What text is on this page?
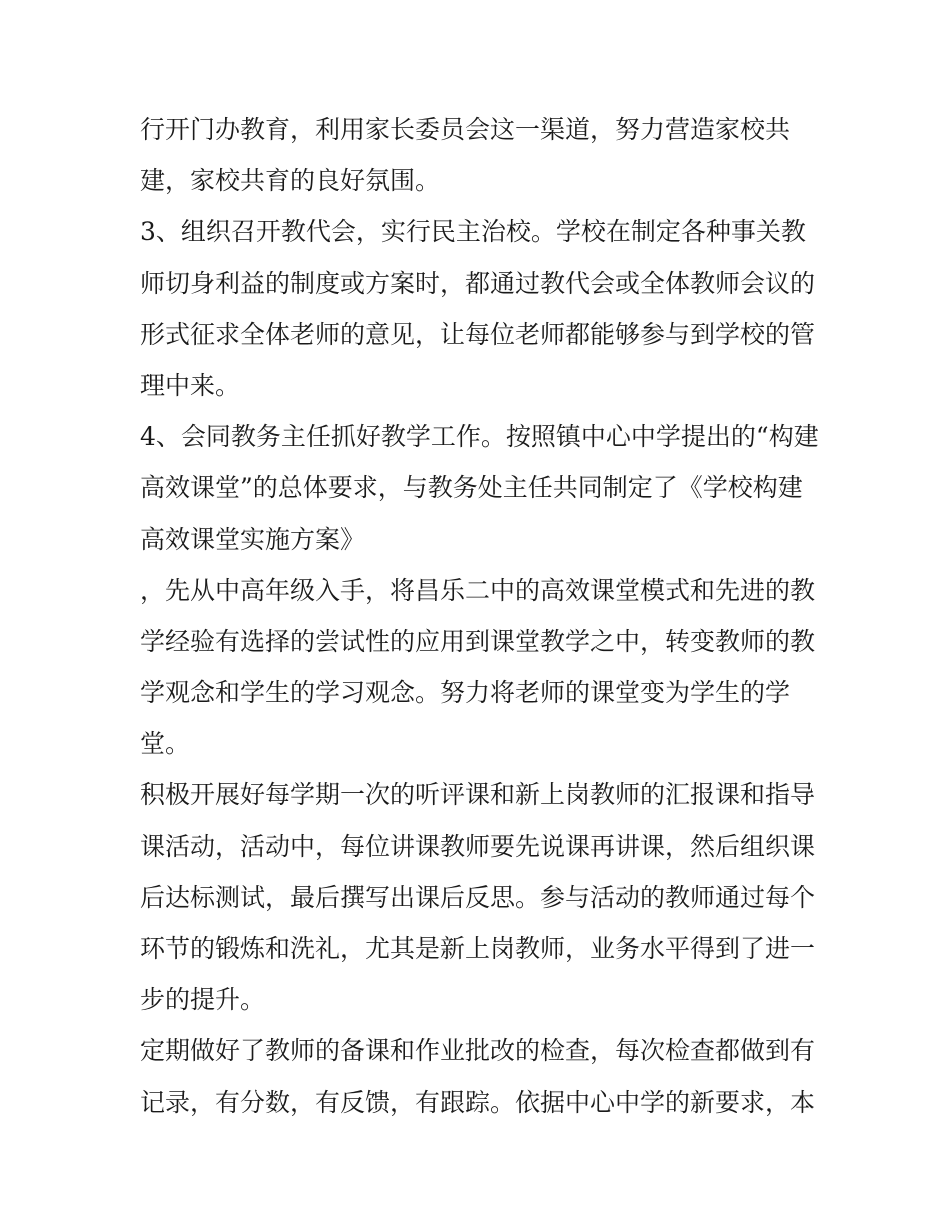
行开门办教育，利用家长委员会这一渠道，努力营造家校共
建，家校共育的良好氛围。
3、组织召开教代会，实行民主治校。学校在制定各种事关教
师切身利益的制度或方案时，都通过教代会或全体教师会议的
形式征求全体老师的意见，让每位老师都能够参与到学校的管
理中来。
4、会同教务主任抓好教学工作。按照镇中心中学提出的“构建
高效课堂”的总体要求，与教务处主任共同制定了《学校构建
高效课堂实施方案》
，先从中高年级入手，将昌乐二中的高效课堂模式和先进的教
学经验有选择的尝试性的应用到课堂教学之中，转变教师的教
学观念和学生的学习观念。努力将老师的课堂变为学生的学
堂。
积极开展好每学期一次的听评课和新上岗教师的汇报课和指导
课活动，活动中，每位讲课教师要先说课再讲课，然后组织课
后达标测试，最后撰写出课后反思。参与活动的教师通过每个
环节的锻炼和洗礼，尤其是新上岗教师，业务水平得到了进一
步的提升。
定期做好了教师的备课和作业批改的检查，每次检查都做到有
记录，有分数，有反馈，有跟踪。依据中心中学的新要求，本
